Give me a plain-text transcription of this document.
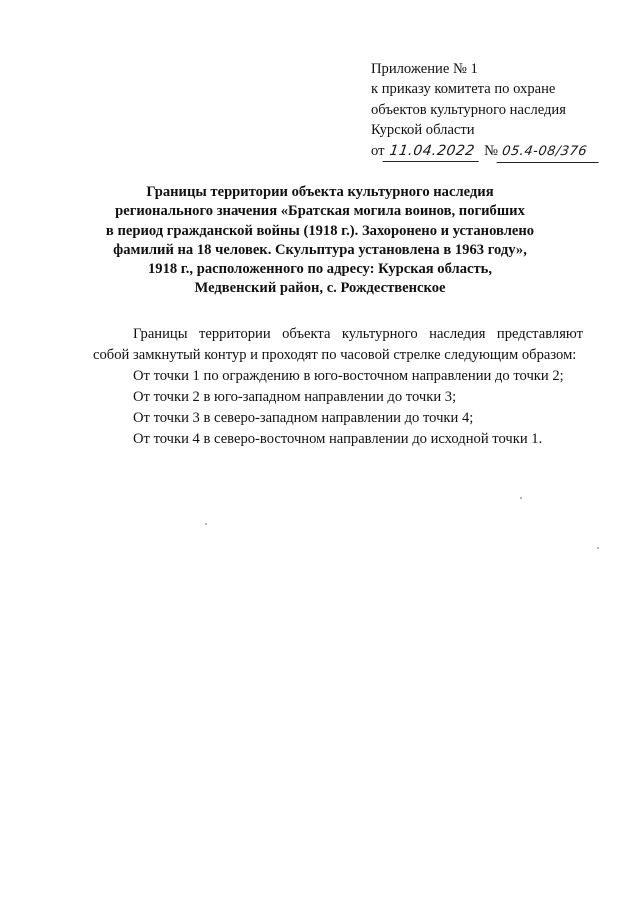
Приложение № 1
к приказу комитета по охране
объектов культурного наследия
Курской области
от 11.04.2022 № 05.4-08/376
Границы территории объекта культурного наследия
регионального значения «Братская могила воинов, погибших
в период гражданской войны (1918 г.). Захоронено и установлено
фамилий на 18 человек. Скульптура установлена в 1963 году»,
1918 г., расположенного по адресу: Курская область,
Медвенский район, с. Рождественское

Границы территории объекта культурного наследия представляют собой замкнутый контур и проходят по часовой стрелке следующим образом:

От точки 1 по ограждению в юго-восточном направлении до точки 2;
От точки 2 в юго-западном направлении до точки 3;
От точки 3 в северо-западном направлении до точки 4;
От точки 4 в северо-восточном направлении до исходной точки 1.
